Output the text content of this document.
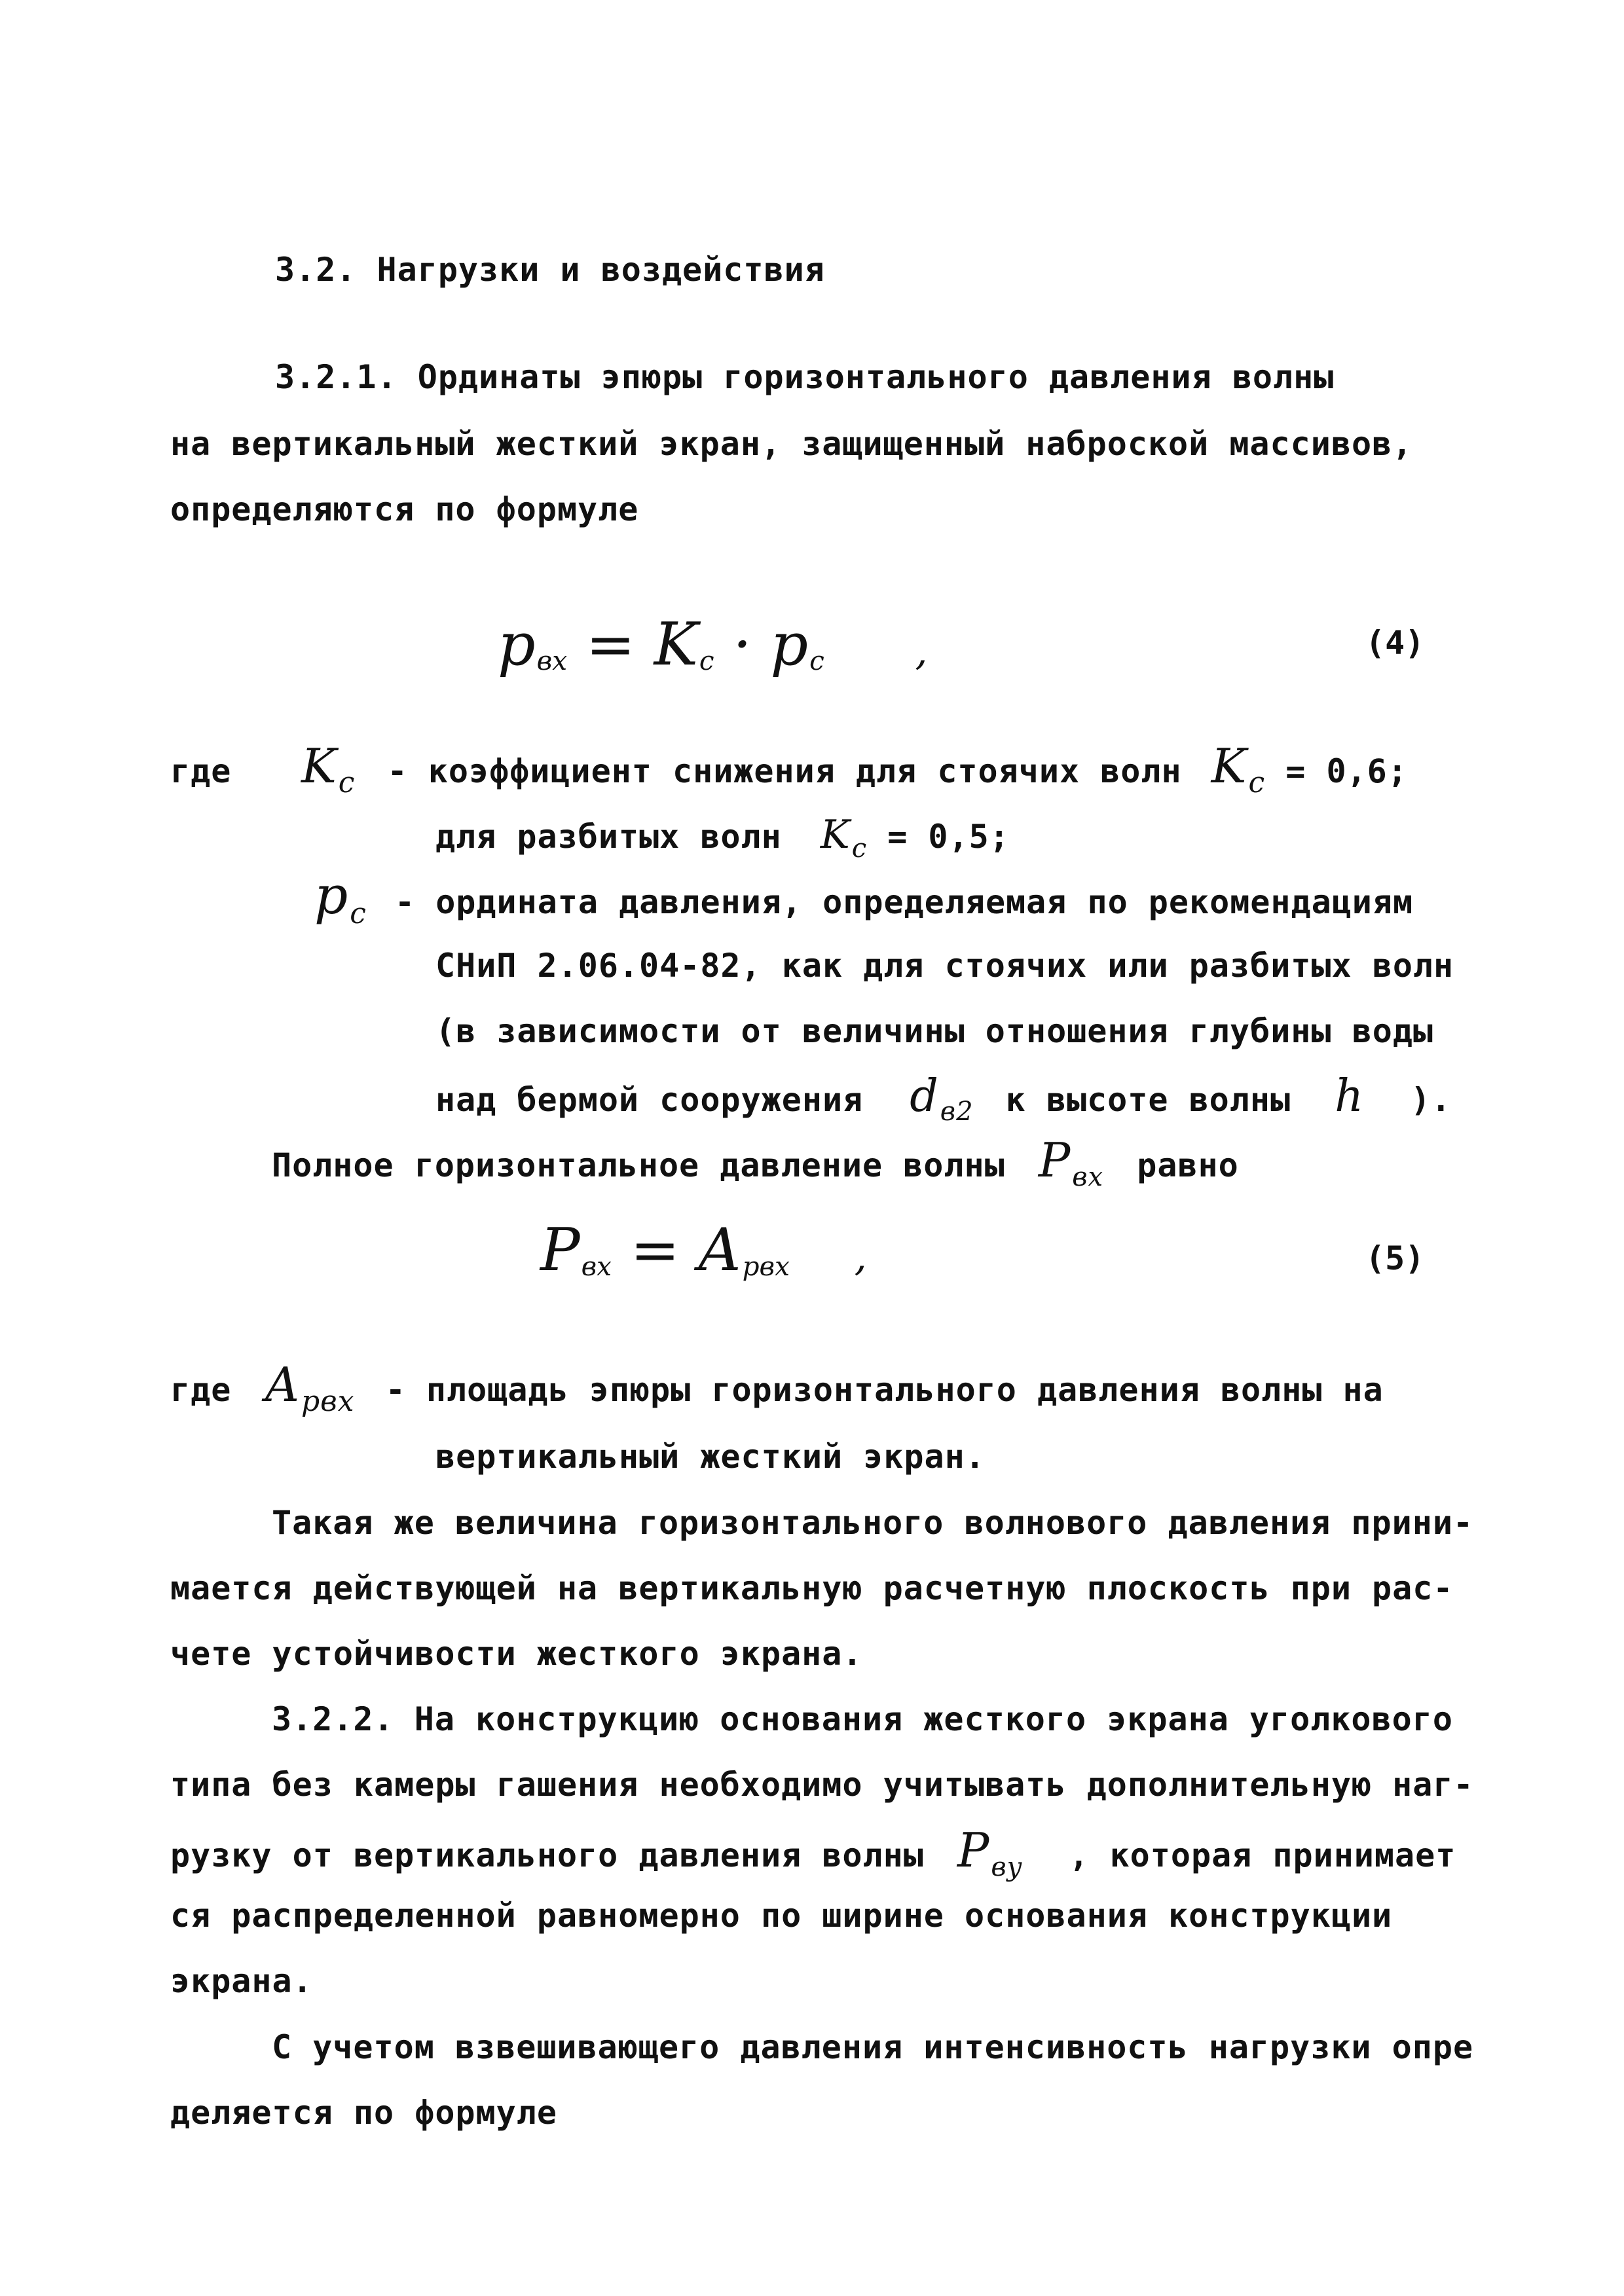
3.2. Нагрузки и воздействия
3.2.1. Ординаты эпюры горизонтального давления волны
на вертикальный жесткий экран, защищенный наброской массивов,
определяются по формуле
$p_{вх} = K_c \cdot p_c$ ,	(4)
где Kc - коэффициент снижения для стоячих волн Kc = 0,6;
для разбитых волн $K_c = 0,5$;
pc - ордината давления, определяемая по рекомендациям
СНиП 2.06.04-82, как для стоячих или разбитых волн
(в зависимости от величины отношения глубины воды
над бермой сооружения $d_{в2}$ к высоте волны h ).
Полное горизонтальное давление волны $P_{вх}$ равно
$P_{вх} = A_{pвх}$ ,	(5)
где Apвх - площадь эпюры горизонтального давления волны на
вертикальный жесткий экран.
Такая же величина горизонтального волнового давления прини-
мается действующей на вертикальную расчетную плоскость при рас-
чете устойчивости жесткого экрана.
3.2.2. На конструкцию основания жесткого экрана уголкового
типа без камеры гашения необходимо учитывать дополнительную наг-
рузку от вертикального давления волны $P_{вy}$ , которая принимает
ся распределенной равномерно по ширине основания конструкции
экрана.
С учетом взвешивающего давления интенсивность нагрузки опре
деляется по формуле
